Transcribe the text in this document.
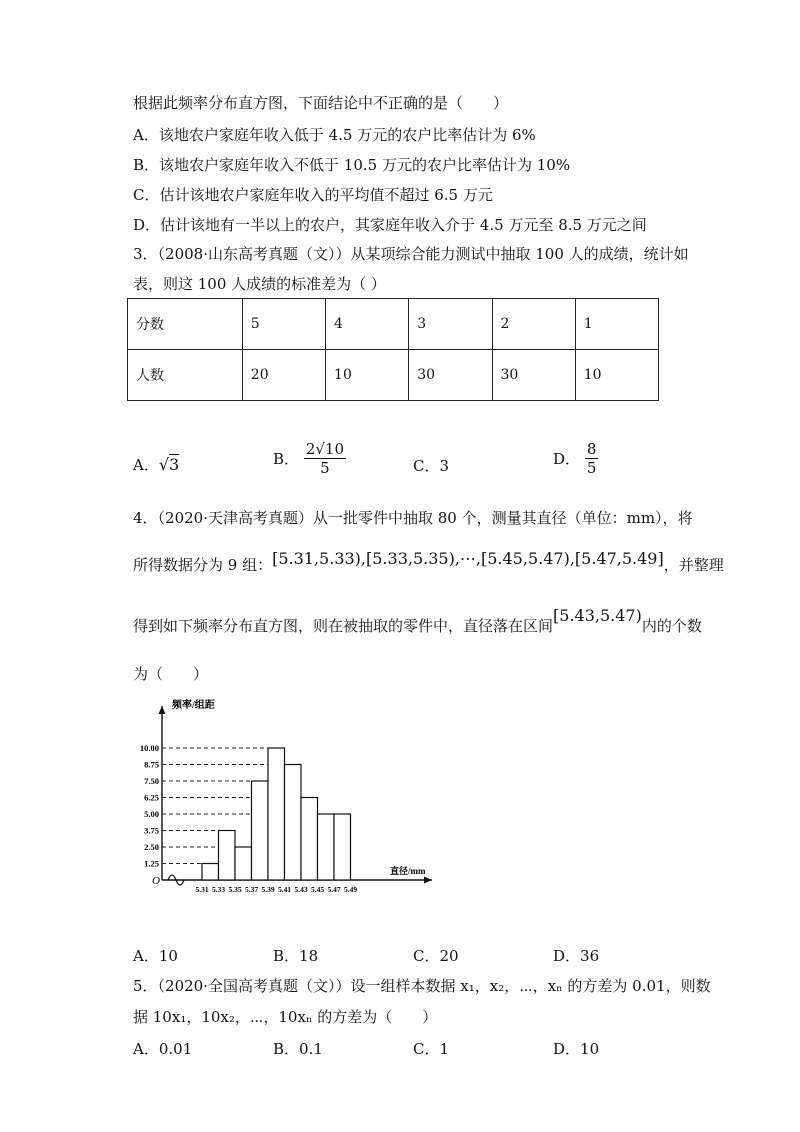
根据此频率分布直方图，下面结论中不正确的是（　　）
A．该地农户家庭年收入低于 4.5 万元的农户比率估计为 6%
B．该地农户家庭年收入不低于 10.5 万元的农户比率估计为 10%
C．估计该地农户家庭年收入的平均值不超过 6.5 万元
D．估计该地有一半以上的农户，其家庭年收入介于 4.5 万元至 8.5 万元之间
3．（2008·山东高考真题（文））从某项综合能力测试中抽取 100 人的成绩，统计如
表，则这 100 人成绩的标准差为（ ）
分数	5	4	3	2	1
人数	20	10	30	30	10
A．√3	B． $\frac{2√10}{5}$	C．3	D． $\frac{8}{5}$
4．（2020·天津高考真题）从一批零件中抽取 80 个，测量其直径（单位：mm），将
所得数据分为 9 组：[5.31,5.33),[5.33,5.35),⋯,[5.45,5.47),[5.47,5.49]，并整理
得到如下频率分布直方图，则在被抽取的零件中，直径落在区间[5.43,5.47)内的个数
为（　　）
频率/组距
直径/mm
O
1.25
2.50
3.75
5.00
6.25
7.50
8.75
10.00
5.31 5.33 5.35 5.37 5.39 5.41 5.43 5.45 5.47 5.49
A．10	B．18	C．20	D．36
5．（2020·全国高考真题（文））设一组样本数据 x₁，x₂，⋯，xₙ 的方差为 0.01，则数
据 10x₁，10x₂，⋯，10xₙ 的方差为（　　）
A．0.01	B．0.1	C．1	D．10
